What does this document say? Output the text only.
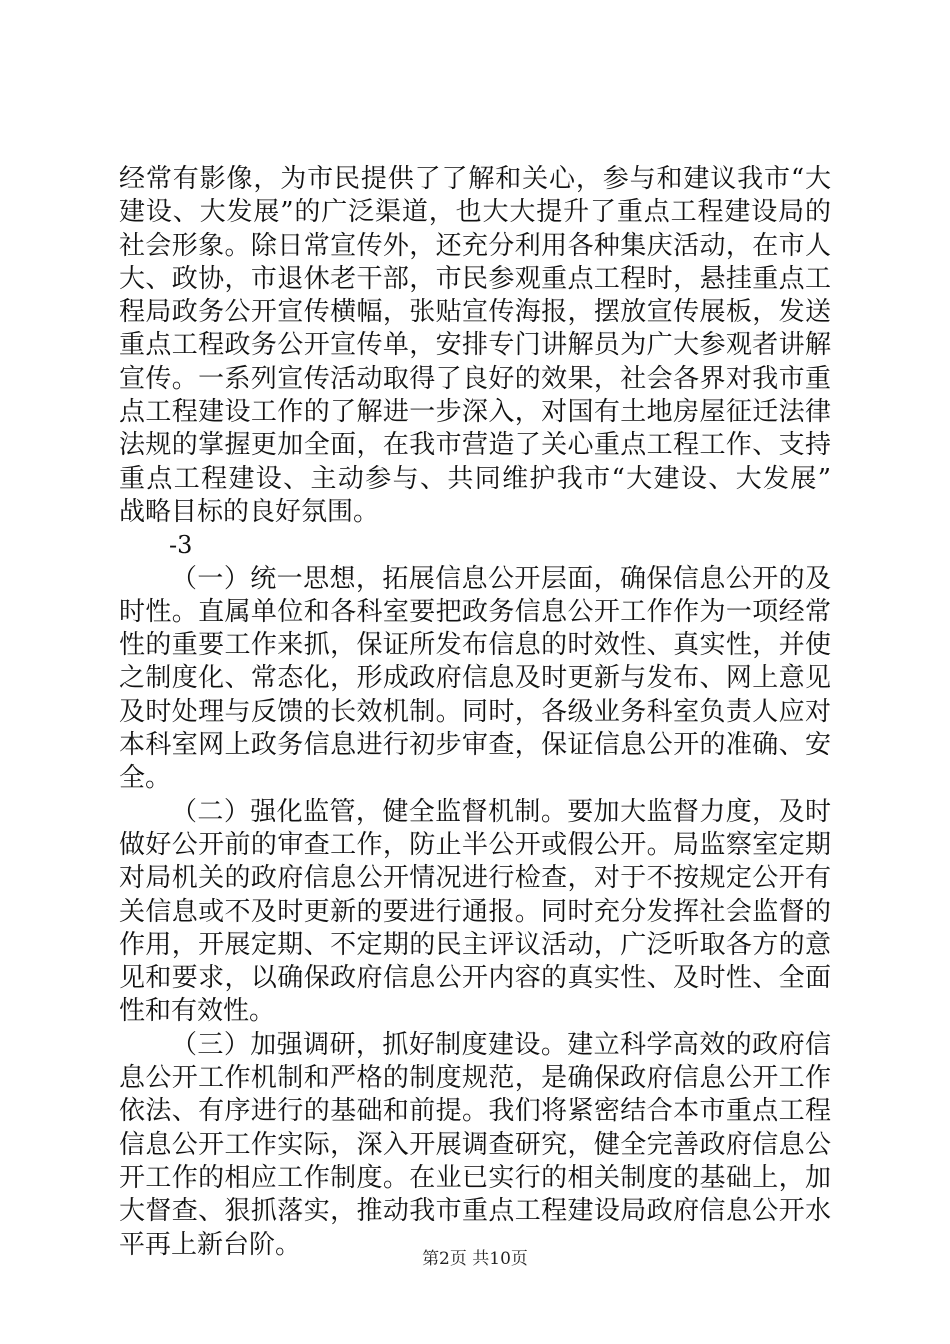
经常有影像，为市民提供了了解和关心，参与和建议我市“大
建设、大发展”的广泛渠道，也大大提升了重点工程建设局的
社会形象。除日常宣传外，还充分利用各种集庆活动，在市人
大、政协，市退休老干部，市民参观重点工程时，悬挂重点工
程局政务公开宣传横幅，张贴宣传海报，摆放宣传展板，发送
重点工程政务公开宣传单，安排专门讲解员为广大参观者讲解
宣传。一系列宣传活动取得了良好的效果，社会各界对我市重
点工程建设工作的了解进一步深入，对国有土地房屋征迁法律
法规的掌握更加全面，在我市营造了关心重点工程工作、支持
重点工程建设、主动参与、共同维护我市“大建设、大发展”
战略目标的良好氛围。
-3
（一）统一思想，拓展信息公开层面，确保信息公开的及
时性。直属单位和各科室要把政务信息公开工作作为一项经常
性的重要工作来抓，保证所发布信息的时效性、真实性，并使
之制度化、常态化，形成政府信息及时更新与发布、网上意见
及时处理与反馈的长效机制。同时，各级业务科室负责人应对
本科室网上政务信息进行初步审查，保证信息公开的准确、安
全。
（二）强化监管，健全监督机制。要加大监督力度，及时
做好公开前的审查工作，防止半公开或假公开。局监察室定期
对局机关的政府信息公开情况进行检查，对于不按规定公开有
关信息或不及时更新的要进行通报。同时充分发挥社会监督的
作用，开展定期、不定期的民主评议活动，广泛听取各方的意
见和要求，以确保政府信息公开内容的真实性、及时性、全面
性和有效性。
（三）加强调研，抓好制度建设。建立科学高效的政府信
息公开工作机制和严格的制度规范，是确保政府信息公开工作
依法、有序进行的基础和前提。我们将紧密结合本市重点工程
信息公开工作实际，深入开展调查研究，健全完善政府信息公
开工作的相应工作制度。在业已实行的相关制度的基础上，加
大督查、狠抓落实，推动我市重点工程建设局政府信息公开水
平再上新台阶。	第2页 共10页
